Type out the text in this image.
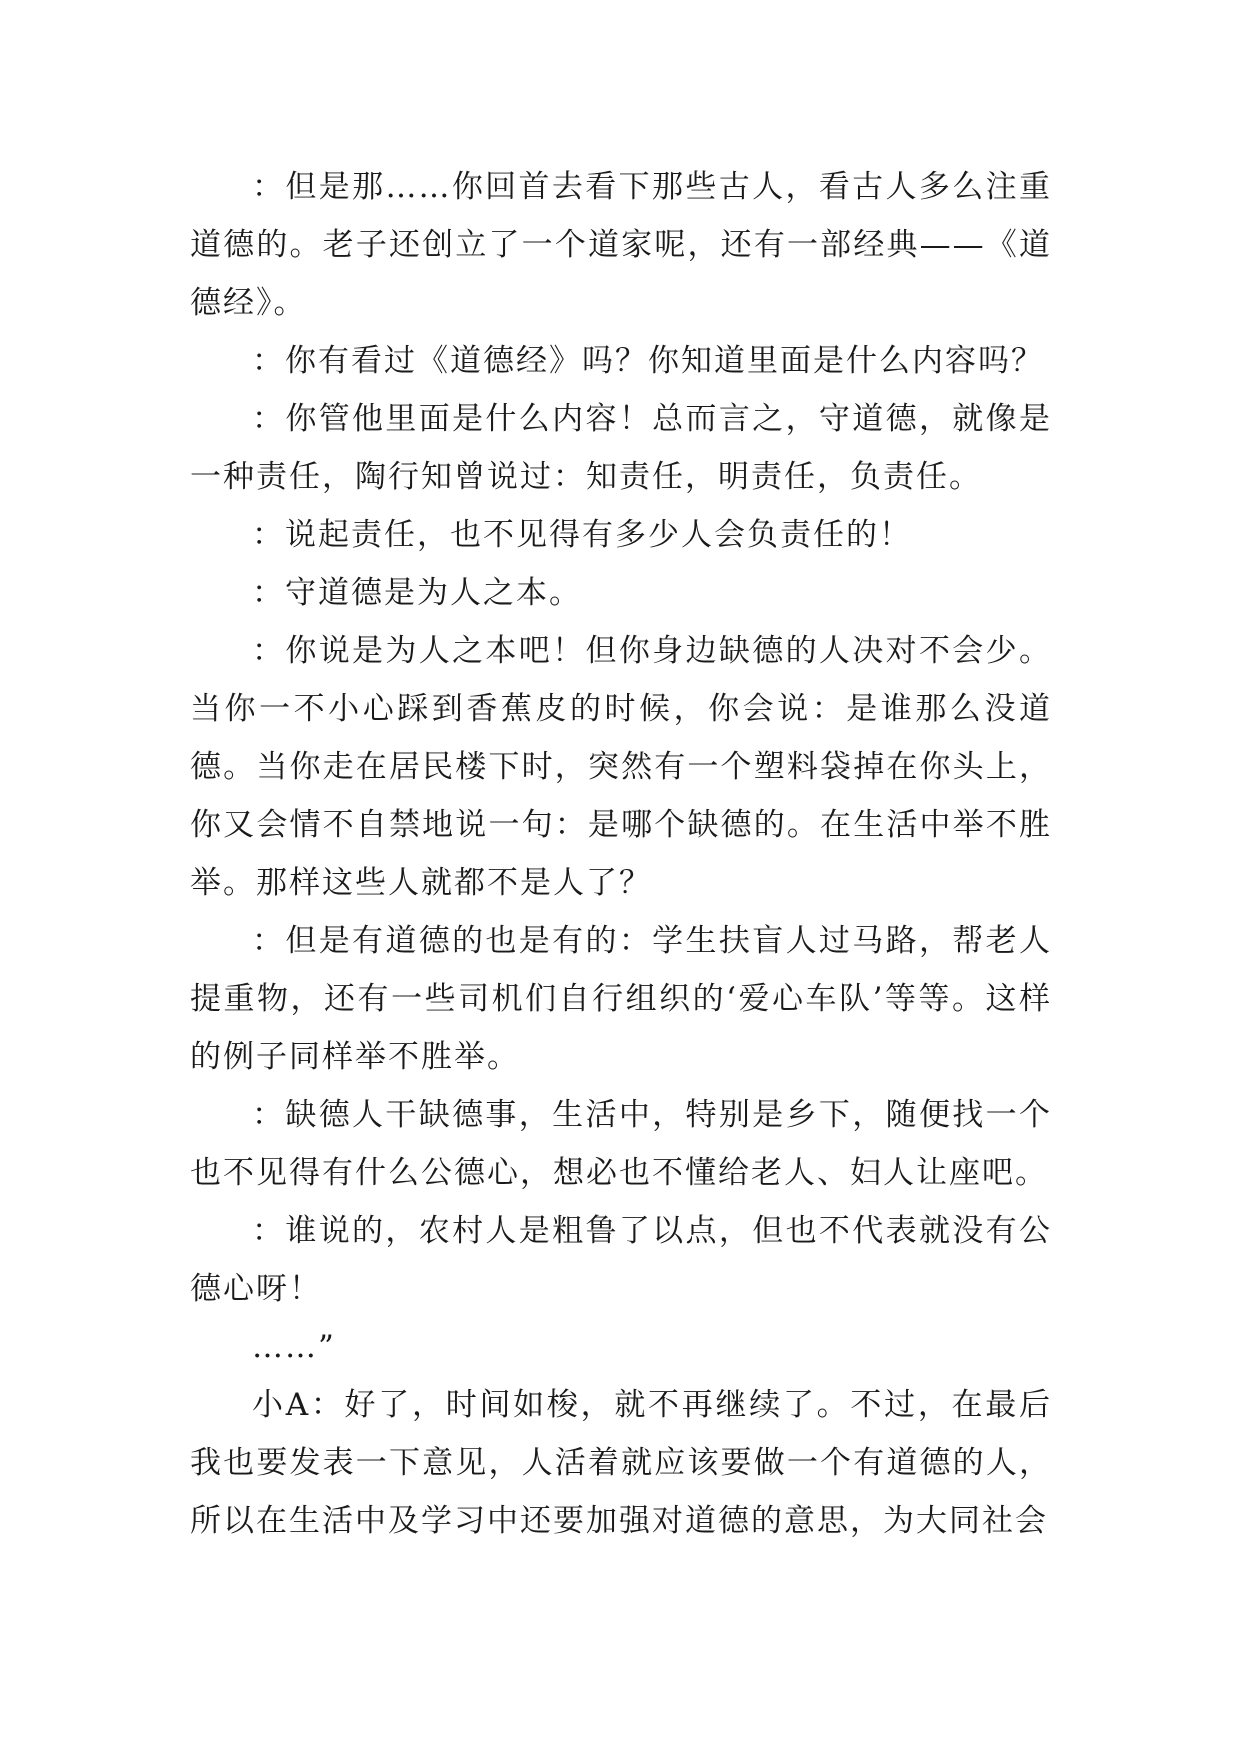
：但是那……你回首去看下那些古人，看古人多么注重道德的。老子还创立了一个道家呢，还有一部经典——《道德经》。

：你有看过《道德经》吗？你知道里面是什么内容吗？

：你管他里面是什么内容！总而言之，守道德，就像是一种责任，陶行知曾说过：知责任，明责任，负责任。

：说起责任，也不见得有多少人会负责任的！

：守道德是为人之本。

：你说是为人之本吧！但你身边缺德的人决对不会少。当你一不小心踩到香蕉皮的时候，你会说：是谁那么没道德。当你走在居民楼下时，突然有一个塑料袋掉在你头上，你又会情不自禁地说一句：是哪个缺德的。在生活中举不胜举。那样这些人就都不是人了？

：但是有道德的也是有的：学生扶盲人过马路，帮老人提重物，还有一些司机们自行组织的‘爱心车队’等等。这样的例子同样举不胜举。

：缺德人干缺德事，生活中，特别是乡下，随便找一个也不见得有什么公德心，想必也不懂给老人、妇人让座吧。

：谁说的，农村人是粗鲁了以点，但也不代表就没有公德心呀！

……”

小A：好了，时间如梭，就不再继续了。不过，在最后我也要发表一下意见，人活着就应该要做一个有道德的人，所以在生活中及学习中还要加强对道德的意思，为大同社会
